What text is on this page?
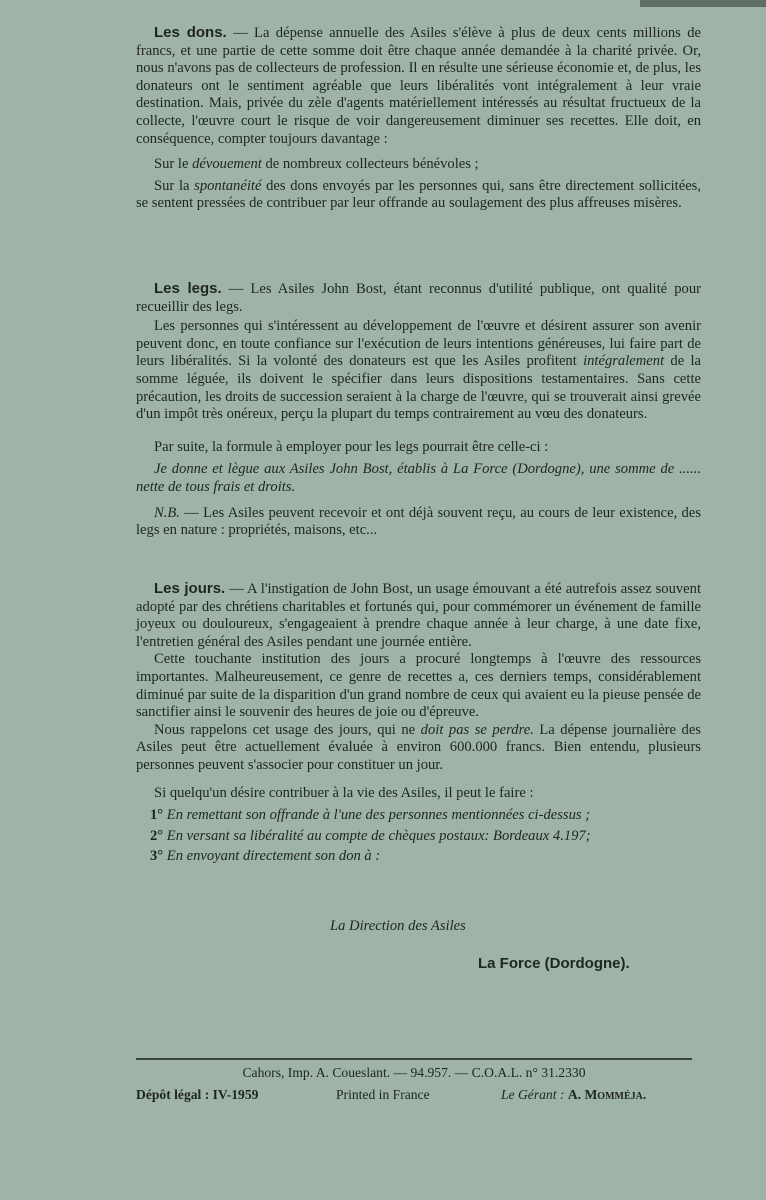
Les dons. — La dépense annuelle des Asiles s'élève à plus de deux cents millions de francs, et une partie de cette somme doit être chaque année demandée à la charité privée. Or, nous n'avons pas de collecteurs de profession. Il en résulte une sérieuse économie et, de plus, les donateurs ont le sentiment agréable que leurs libéralités vont intégralement à leur vraie destination. Mais, privée du zèle d'agents matériellement intéressés au résultat fructueux de la collecte, l'œuvre court le risque de voir dangereusement diminuer ses recettes. Elle doit, en conséquence, compter toujours davantage :

Sur le dévouement de nombreux collecteurs bénévoles ;

Sur la spontanéité des dons envoyés par les personnes qui, sans être directement sollicitées, se sentent pressées de contribuer par leur offrande au soulagement des plus affreuses misères.

Les legs. — Les Asiles John Bost, étant reconnus d'utilité publique, ont qualité pour recueillir des legs.

Les personnes qui s'intéressent au développement de l'œuvre et désirent assurer son avenir peuvent donc, en toute confiance sur l'exécution de leurs intentions généreuses, lui faire part de leurs libéralités. Si la volonté des donateurs est que les Asiles profitent intégralement de la somme léguée, ils doivent le spécifier dans leurs dispositions testamentaires. Sans cette précaution, les droits de succession seraient à la charge de l'œuvre, qui se trouverait ainsi grevée d'un impôt très onéreux, perçu la plupart du temps contrairement au vœu des donateurs.

Par suite, la formule à employer pour les legs pourrait être celle-ci :

Je donne et lègue aux Asiles John Bost, établis à La Force (Dordogne), une somme de ...... nette de tous frais et droits.

N.B. — Les Asiles peuvent recevoir et ont déjà souvent reçu, au cours de leur existence, des legs en nature : propriétés, maisons, etc...

Les jours. — A l'instigation de John Bost, un usage émouvant a été autrefois assez souvent adopté par des chrétiens charitables et fortunés qui, pour commémorer un événement de famille joyeux ou douloureux, s'engageaient à prendre chaque année à leur charge, à une date fixe, l'entretien général des Asiles pendant une journée entière.

Cette touchante institution des jours a procuré longtemps à l'œuvre des ressources importantes. Malheureusement, ce genre de recettes a, ces derniers temps, considérablement diminué par suite de la disparition d'un grand nombre de ceux qui avaient eu la pieuse pensée de sanctifier ainsi le souvenir des heures de joie ou d'épreuve.

Nous rappelons cet usage des jours, qui ne doit pas se perdre. La dépense journalière des Asiles peut être actuellement évaluée à environ 600.000 francs. Bien entendu, plusieurs personnes peuvent s'associer pour constituer un jour.

Si quelqu'un désire contribuer à la vie des Asiles, il peut le faire :

1° En remettant son offrande à l'une des personnes mentionnées ci-dessus ;

2° En versant sa libéralité au compte de chèques postaux: Bordeaux 4.197;

3° En envoyant directement son don à :

La Direction des Asiles
La Force (Dordogne).
Cahors, Imp. A. Coueslant. — 94.957. — C.O.A.L. n° 31.2330
Dépôt légal : IV-1959	Printed in France	Le Gérant : A. Momméja.
